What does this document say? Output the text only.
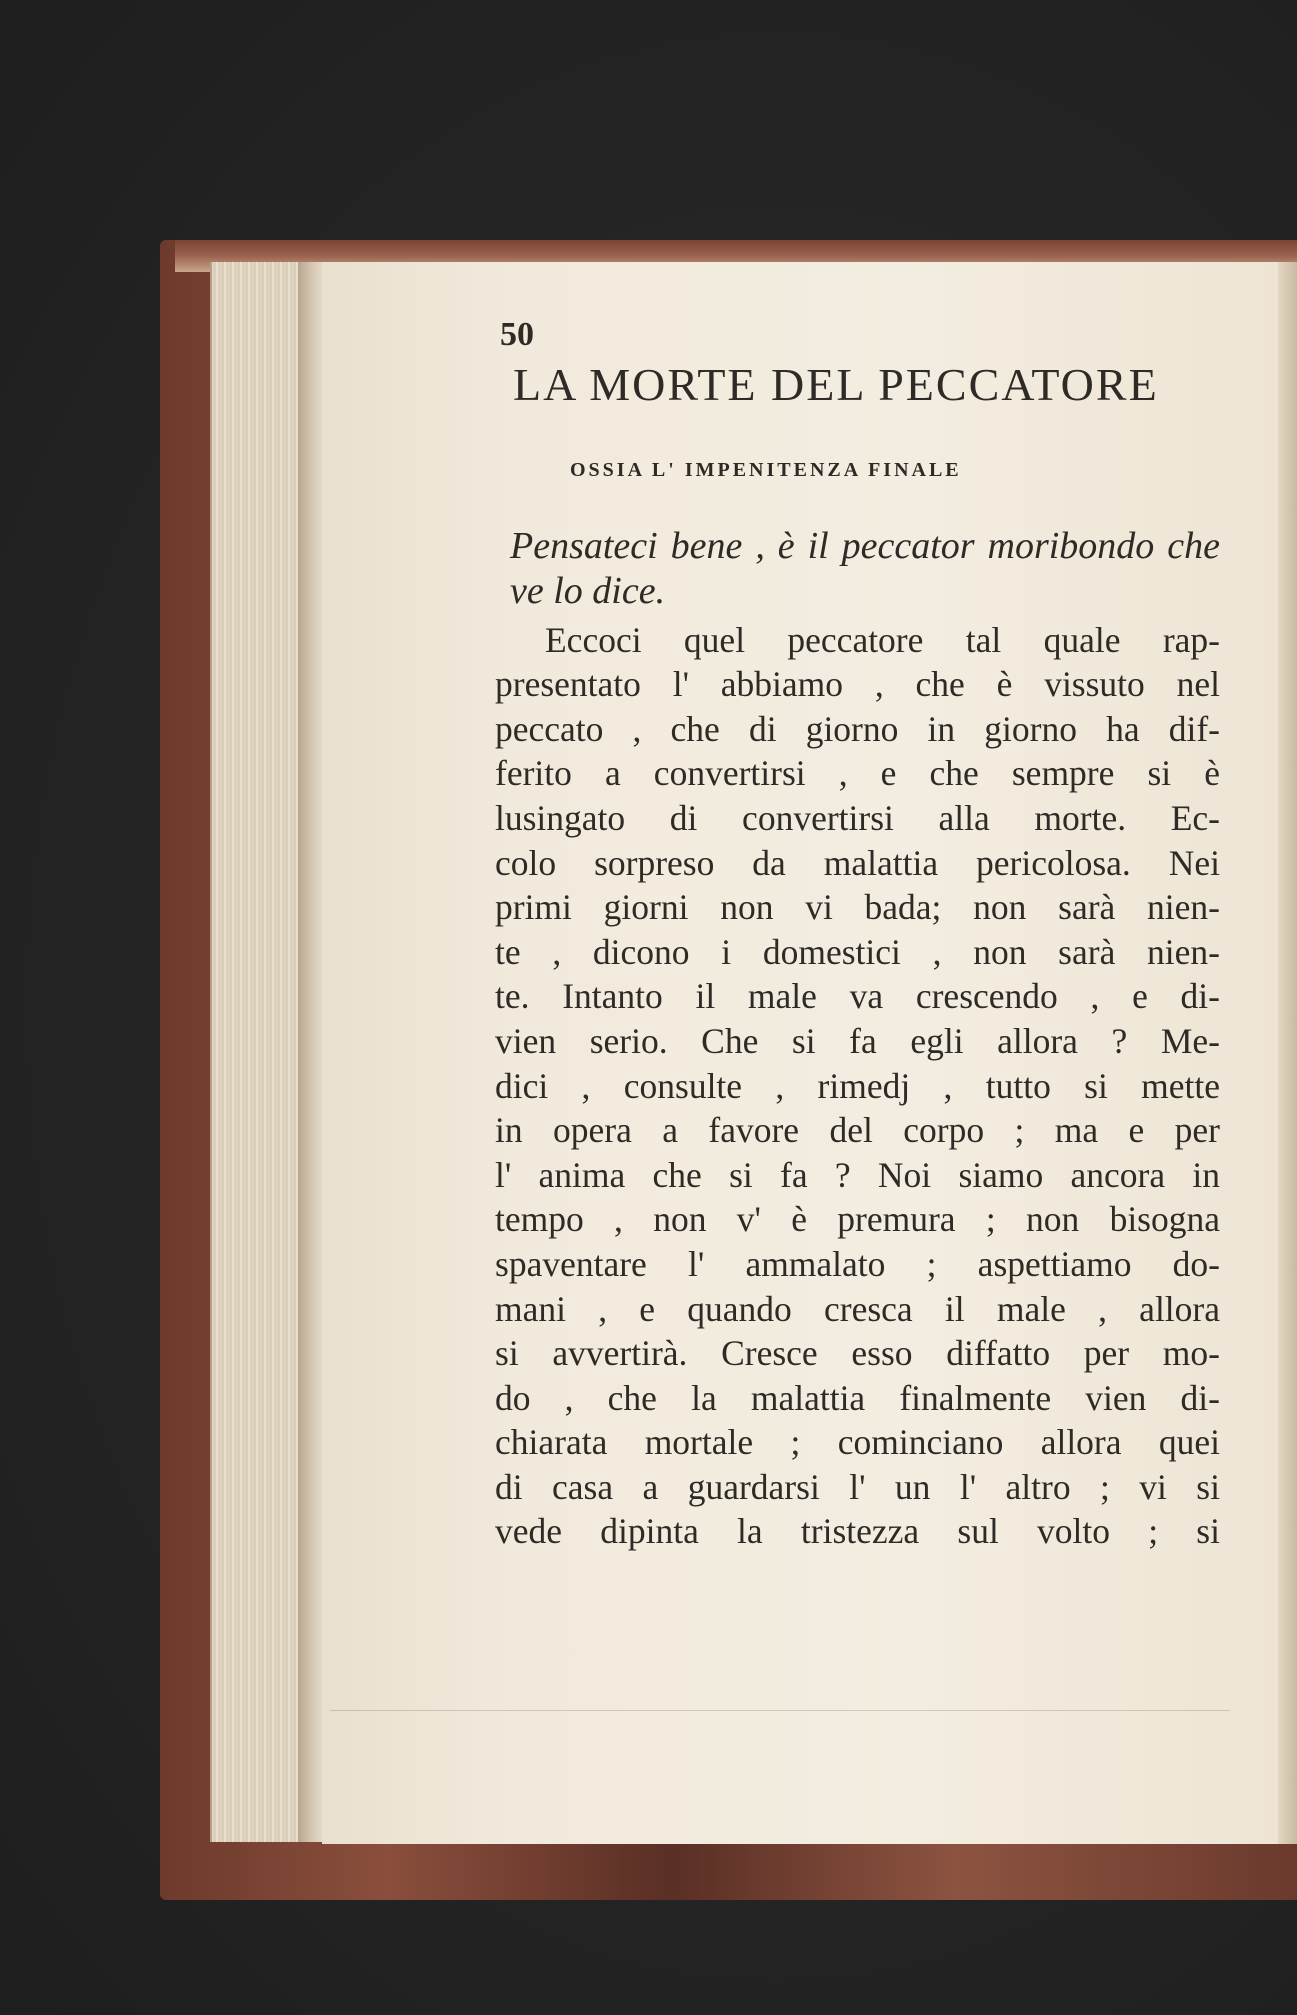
50
LA MORTE DEL PECCATORE
OSSIA L' IMPENITENZA FINALE
Pensateci bene , è il peccator moribondo che ve lo dice.
Eccoci quel peccatore tal quale rap-
presentato l' abbiamo , che è vissuto nel
peccato , che di giorno in giorno ha dif-
ferito a convertirsi , e che sempre si è
lusingato di convertirsi alla morte. Ec-
colo sorpreso da malattia pericolosa. Nei
primi giorni non vi bada; non sarà nien-
te , dicono i domestici , non sarà nien-
te. Intanto il male va crescendo , e di-
vien serio. Che si fa egli allora ? Me-
dici , consulte , rimedj , tutto si mette
in opera a favore del corpo ; ma e per
l' anima che si fa ? Noi siamo ancora in
tempo , non v' è premura ; non bisogna
spaventare l' ammalato ; aspettiamo do-
mani , e quando cresca il male , allora
si avvertirà. Cresce esso diffatto per mo-
do , che la malattia finalmente vien di-
chiarata mortale ; cominciano allora quei
di casa a guardarsi l' un l' altro ; vi si
vede dipinta la tristezza sul volto ; si
